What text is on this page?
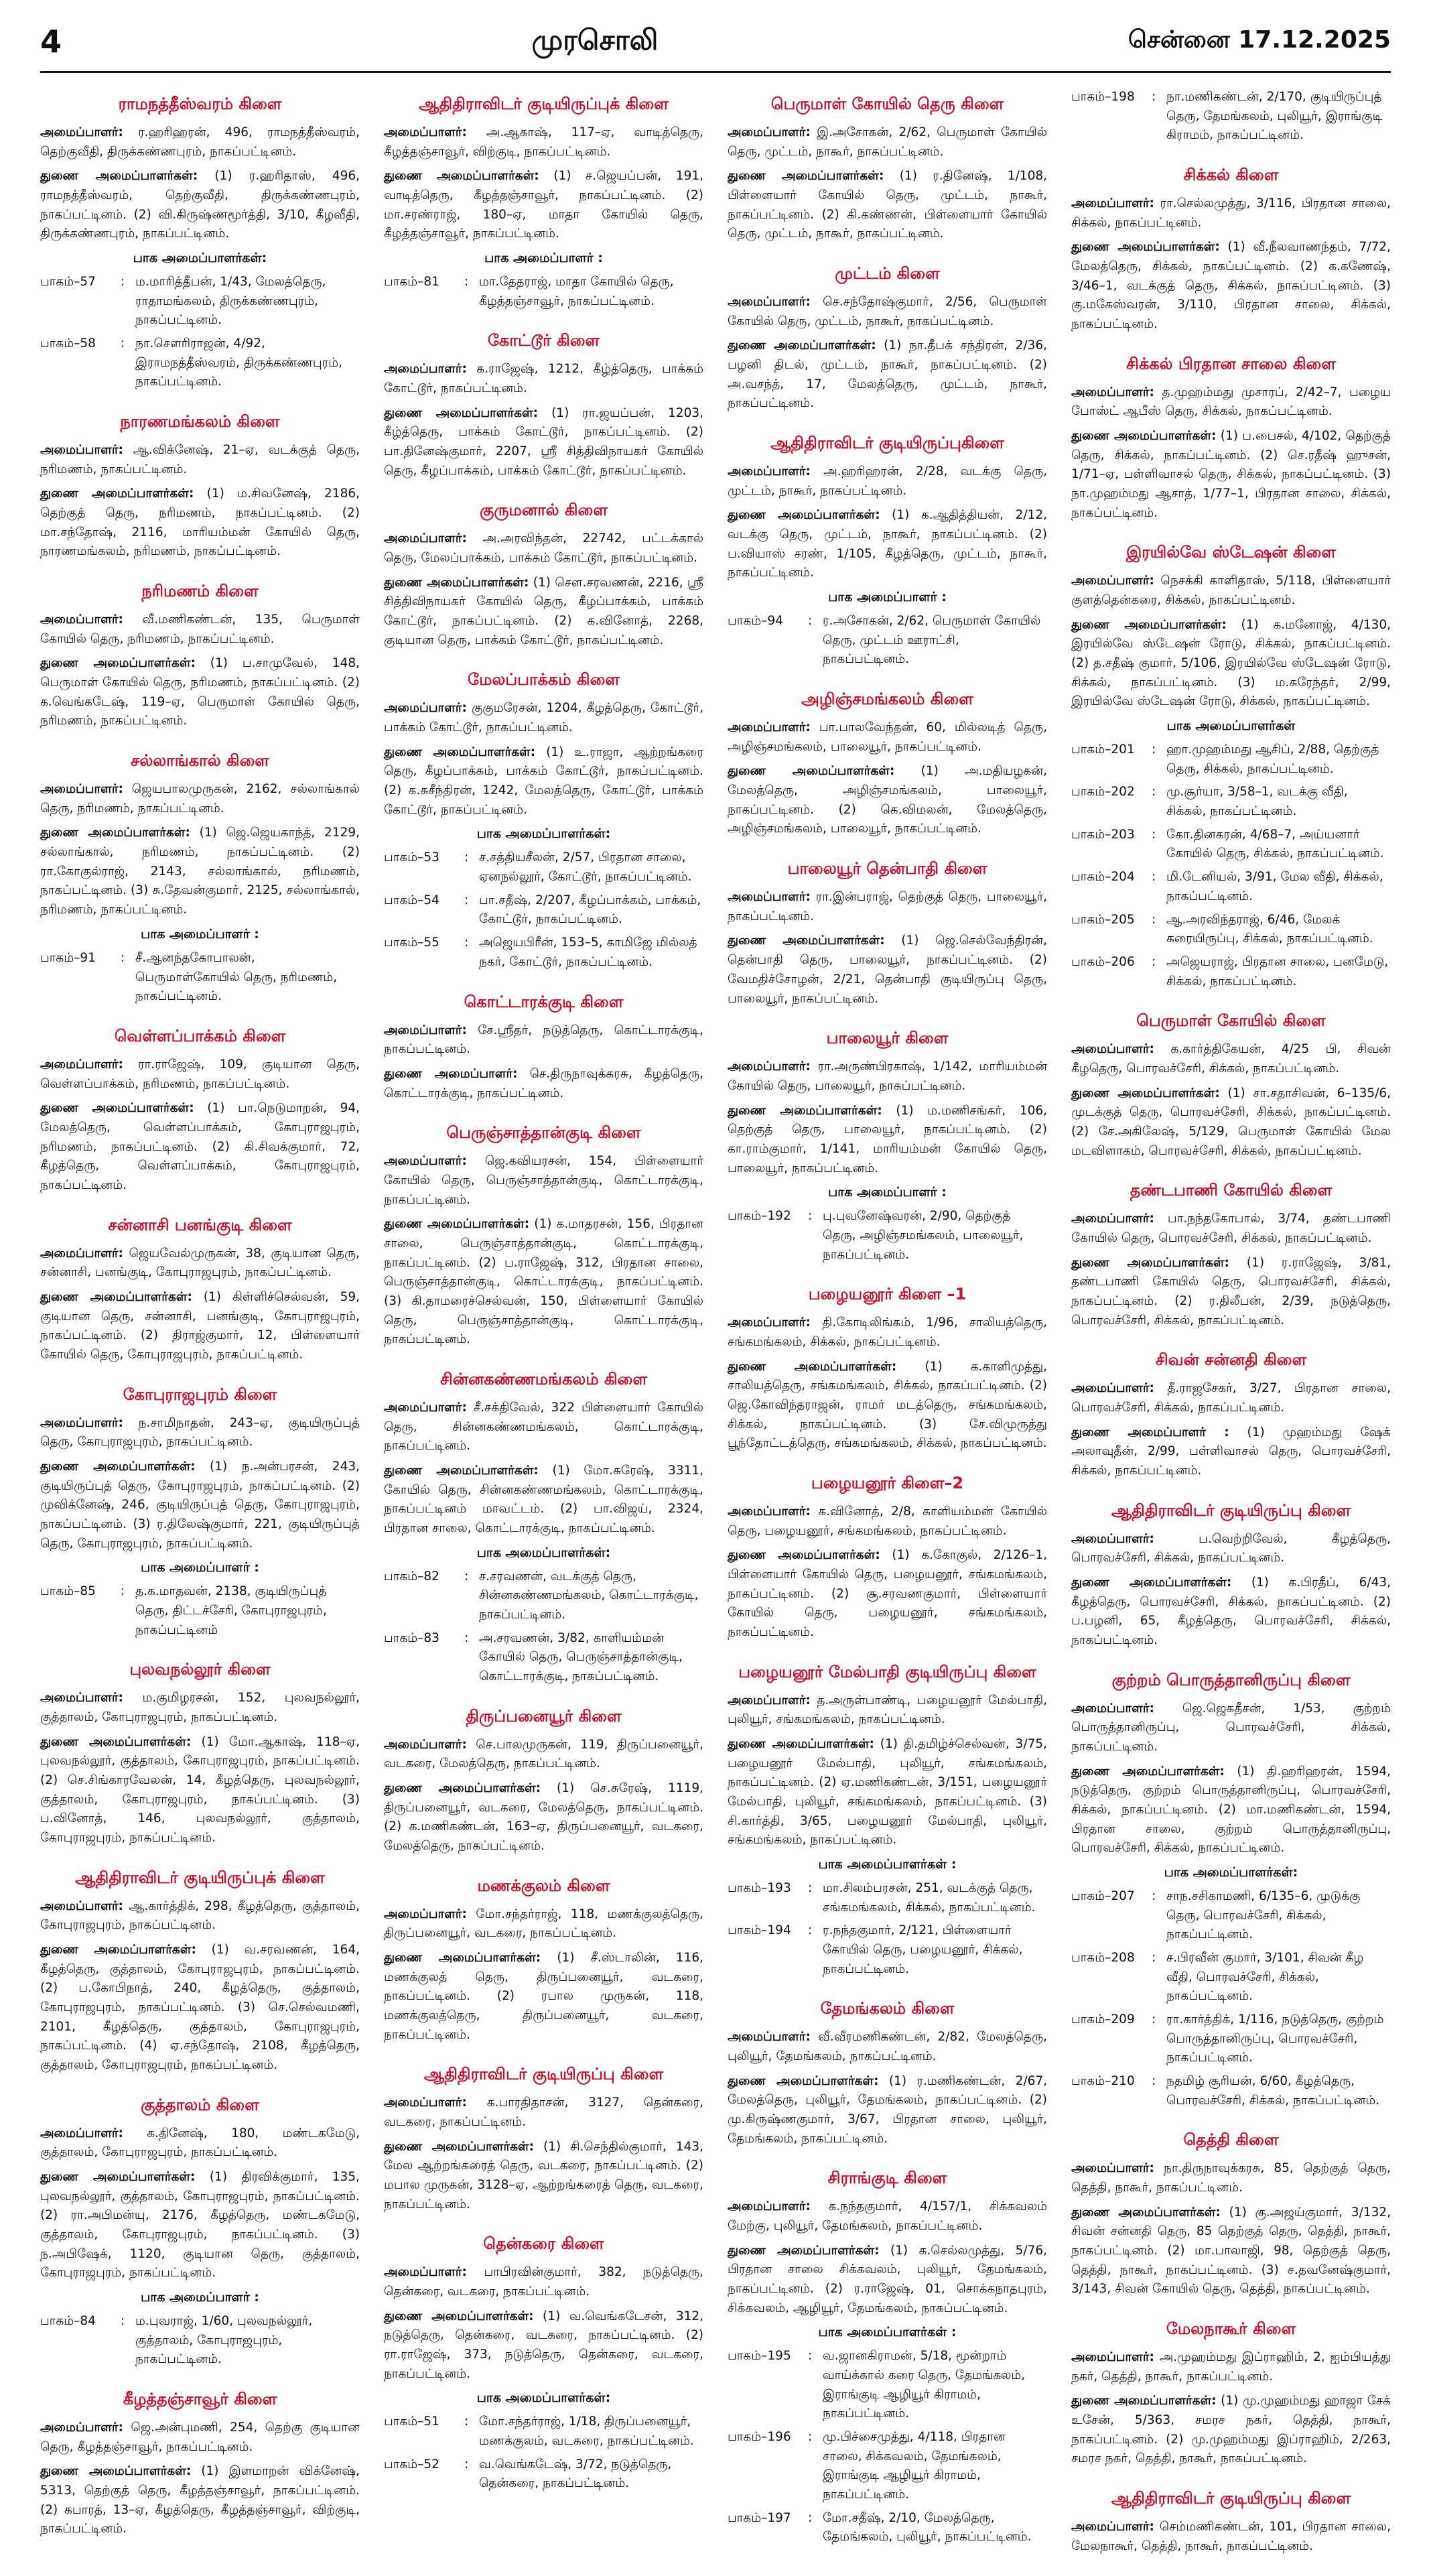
4	முரசொலி	சென்னை 17.12.2025
ராமநத்தீஸ்வரம் கிளை

அமைப்பாளர்: ர.ஹரிஹரன், 496, ராமநத்தீஸ்வரம், தெற்குவீதி, திருக்கண்ணபுரம், நாகப்பட்டினம்.

துணை அமைப்பாளர்கள்: (1) ர.ஹரிதாஸ், 496, ராமநத்தீஸ்வரம், தெற்குவீதி, திருக்கண்ணபுரம், நாகப்பட்டினம். (2) வி.கிருஷ்ணமூர்த்தி, 3/10, கீழவீதி, திருக்கண்ணபுரம், நாகப்பட்டினம்.

பாக அமைப்பாளர்கள்:
பாகம்–57	: ம.மாரித்தீபன், 1/43, மேலத்தெரு, ராதாமங்கலம், திருக்கண்ணபுரம், நாகப்பட்டினம்.
பாகம்–58	: நா.சௌரிராஜன், 4/92, இராமநத்தீஸ்வரம், திருக்கண்ணபுரம், நாகப்பட்டினம்.
நாரணமங்கலம் கிளை

அமைப்பாளர்: ஆ.விக்னேஷ், 21–ஏ, வடக்குத் தெரு, நரிமணம், நாகப்பட்டினம்.

துணை அமைப்பாளர்கள்: (1) ம.சிவனேஷ், 2186, தெற்குத் தெரு, நரிமணம், நாகப்பட்டினம். (2) மா.சந்தோஷ், 2116, மாரியம்மன் கோயில் தெரு, நாரணமங்கலம், நரிமணம், நாகப்பட்டினம்.

நரிமணம் கிளை

அமைப்பாளர்: வீ.மணிகண்டன், 135, பெருமாள் கோயில் தெரு, நரிமணம், நாகப்பட்டினம்.

துணை அமைப்பாளர்கள்: (1) ப.சாமுவேல், 148, பெருமாள் கோயில் தெரு, நரிமணம், நாகப்பட்டினம். (2) க.வெங்கடேஷ், 119–ஏ, பெருமாள் கோயில் தெரு, நரிமணம், நாகப்பட்டினம்.

சல்லாங்கால் கிளை

அமைப்பாளர்: ஜெயபாலமுருகன், 2162, சல்லாங்கால் தெரு, நரிமணம், நாகப்பட்டினம்.

துணை அமைப்பாளர்கள்: (1) ஜெ.ஜெயகாந்த், 2129, சல்லாங்கால், நரிமணம், நாகப்பட்டினம். (2) ரா.கோகுல்ராஜ், 2143, சல்லாங்கால், நரிமணம், நாகப்பட்டினம். (3) சு.தேவன்குமார், 2125, சல்லாங்கால், நரிமணம், நாகப்பட்டினம்.

பாக அமைப்பாளர் :
பாகம்–91	: சீ.ஆனந்தகோபாலன், பெருமாள்கோயில் தெரு, நரிமணம், நாகப்பட்டினம்.
வெள்ளப்பாக்கம் கிளை

அமைப்பாளர்: ரா.ராஜேஷ், 109, குடியான தெரு, வெள்ளப்பாக்கம், நரிமணம், நாகப்பட்டினம்.

துணை அமைப்பாளர்கள்: (1) பா.நெடுமாறன், 94, மேலத்தெரு, வெள்ளப்பாக்கம், கோபுராஜபுரம், நரிமணம், நாகப்பட்டினம். (2) கி.சிவக்குமார், 72, கீழத்தெரு, வெள்ளப்பாக்கம், கோபுராஜபுரம், நாகப்பட்டினம்.

சன்னாசி பனங்குடி கிளை

அமைப்பாளர்: ஜெயவேல்முருகன், 38, குடியான தெரு, சன்னாசி, பனங்குடி, கோபுராஜபுரம், நாகப்பட்டினம்.

துணை அமைப்பாளர்கள்: (1) கிள்ளிச்செல்வன், 59, குடியான தெரு, சன்னாசி, பனங்குடி, கோபுராஜபுரம், நாகப்பட்டினம். (2) திராஜ்குமார், 12, பிள்ளையார் கோயில் தெரு, கோபுராஜபுரம், நாகப்பட்டினம்.

கோபுராஜபுரம் கிளை

அமைப்பாளர்: ந.சாமிநாதன், 243–ஏ, குடியிருப்புத் தெரு, கோபுராஜபுரம், நாகப்பட்டினம்.

துணை அமைப்பாளர்கள்: (1) ந.அன்பரசன், 243, குடியிருப்புத் தெரு, கோபுராஜபுரம், நாகப்பட்டினம். (2) முவிக்னேஷ், 246, குடியிருப்புத் தெரு, கோபுராஜபுரம், நாகப்பட்டினம். (3) ர.திலேஷ்குமார், 221, குடியிருப்புத் தெரு, கோபுராஜபுரம், நாகப்பட்டினம்.

பாக அமைப்பாளர் :
பாகம்–85	: த.க.மாதவன், 2138, குடியிருப்புத் தெரு, திட்டச்சேரி, கோபுராஜபுரம், நாகப்பட்டினம்
புலவநல்லூர் கிளை

அமைப்பாளர்: ம.குமிழரசன், 152, புலவநல்லூர், குத்தாலம், கோபுராஜபுரம், நாகப்பட்டினம்.

துணை அமைப்பாளர்கள்: (1) மோ.ஆகாஷ், 118–ஏ, புலவநல்லூர், குத்தாலம், கோபுராஜபுரம், நாகப்பட்டினம். (2) செ.சிங்காரவேலன், 14, கீழத்தெரு, புலவநல்லூர், குத்தாலம், கோபுராஜபுரம், நாகப்பட்டினம். (3) ப.வினோத், 146, புலவநல்லூர், குத்தாலம், கோபுராஜபுரம், நாகப்பட்டினம்.

ஆதிதிராவிடர் குடியிருப்புக் கிளை

அமைப்பாளர்: ஆ.கார்த்திக், 298, கீழத்தெரு, குத்தாலம், கோபுராஜபுரம், நாகப்பட்டினம்.

துணை அமைப்பாளர்கள்: (1) வ.சரவணன், 164, கீழத்தெரு, குத்தாலம், கோபுராஜபுரம், நாகப்பட்டினம். (2) ப.கோபிநாத், 240, கீழத்தெரு, குத்தாலம், கோபுராஜபுரம், நாகப்பட்டினம். (3) செ.செல்வமணி, 2101, கீழத்தெரு, குத்தாலம், கோபுராஜபுரம், நாகப்பட்டினம். (4) ஏ.சந்தோஷ், 2108, கீழத்தெரு, குத்தாலம், கோபுராஜபுரம், நாகப்பட்டினம்.

குத்தாலம் கிளை

அமைப்பாளர்: க.தினேஷ், 180, மண்டகமேடு, குத்தாலம், கோபுராஜபுரம், நாகப்பட்டினம்.

துணை அமைப்பாளர்கள்: (1) திரவிக்குமார், 135, புலவநல்லூர், குத்தாலம், கோபுராஜபுரம், நாகப்பட்டினம். (2) ரா.அபிமன்யு, 2176, கீழத்தெரு, மண்டகமேடு, குத்தாலம், கோபுராஜபுரம், நாகப்பட்டினம். (3) ந.அபிஷேக், 1120, குடியான தெரு, குத்தாலம், கோபுராஜபுரம், நாகப்பட்டினம்.

பாக அமைப்பாளர் :
பாகம்–84	: ம.புவராஜ், 1/60, புலவநல்லூர், குத்தாலம், கோபுராஜபுரம், நாகப்பட்டினம்.
கீழத்தஞ்சாவூர் கிளை

அமைப்பாளர்: ஜெ.அன்புமணி, 254, தெற்கு குடியான தெரு, கீழத்தஞ்சாவூர், நாகப்பட்டினம்.

துணை அமைப்பாளர்கள்: (1) இளமாறன் விக்னேஷ், 5313, தெற்குத் தெரு, கீழத்தஞ்சாவூர், நாகப்பட்டினம். (2) கபாரத், 13–ஏ, கீழத்தெரு, கீழத்தஞ்சாவூர், விற்குடி, நாகப்பட்டினம்.

ஆதிதிராவிடர் குடியிருப்புக் கிளை

அமைப்பாளர்: அ.ஆகாஷ், 117–ஏ, வாடித்தெரு, கீழத்தஞ்சாவூர், விற்குடி, நாகப்பட்டினம்.

துணை அமைப்பாளர்கள்: (1) ச.ஜெயப்பன், 191, வாடித்தெரு, கீழத்தஞ்சாவூர், நாகப்பட்டினம். (2) மா.சரண்ராஜ், 180–ஏ, மாதா கோயில் தெரு, கீழத்தஞ்சாவூர், நாகப்பட்டினம்.

பாக அமைப்பாளர் :
பாகம்–81	: மா.தேதராஜ், மாதா கோயில் தெரு, கீழத்தஞ்சாவூர், நாகப்பட்டினம்.
கோட்டூர் கிளை

அமைப்பாளர்: க.ராஜேஷ், 1212, கீழ்த்தெரு, பாக்கம் கோட்டூர், நாகப்பட்டினம்.

துணை அமைப்பாளர்கள்: (1) ரா.ஜயப்பன், 1203, கீழ்த்தெரு, பாக்கம் கோட்டூர், நாகப்பட்டினம். (2) பா.தினேஷ்குமார், 2207, ஸ்ரீ சித்திவிநாயகர் கோயில் தெரு, கீழப்பாக்கம், பாக்கம் கோட்டூர், நாகப்பட்டினம்.

குருமனால் கிளை

அமைப்பாளர்: அ.அரவிந்தன், 22742, பட்டக்கால் தெரு, மேலப்பாக்கம், பாக்கம் கோட்டூர், நாகப்பட்டினம்.

துணை அமைப்பாளர்கள்: (1) செள.சரவணன், 2216, ஸ்ரீ சித்திவிநாயகர் கோயில் தெரு, கீழப்பாக்கம், பாக்கம் கோட்டூர், நாகப்பட்டினம். (2) க.வினோத், 2268, குடியான தெரு, பாக்கம் கோட்டூர், நாகப்பட்டினம்.

மேலப்பாக்கம் கிளை

அமைப்பாளர்: குகுமரேசன், 1204, கீழத்தெரு, கோட்டூர், பாக்கம் கோட்டூர், நாகப்பட்டினம்.

துணை அமைப்பாளர்கள்: (1) உ.ராஜா, ஆற்றங்கரை தெரு, கீழப்பாக்கம், பாக்கம் கோட்டூர், நாகப்பட்டினம். (2) க.சுசீந்திரன், 1242, மேலத்தெரு, கோட்டூர், பாக்கம் கோட்டூர், நாகப்பட்டினம்.

பாக அமைப்பாளர்கள்:
பாகம்–53	: ச.சத்தியசீலன், 2/57, பிரதான சாலை, ஏனநல்லூர், கோட்டூர், நாகப்பட்டினம்.
பாகம்–54	: பா.சதீஷ், 2/207, கீழப்பாக்கம், பாக்கம், கோட்டூர், நாகப்பட்டினம்.
பாகம்–55	: அஜெயபிரீன், 153–5, காமிஜே மில்லத் நகர், கோட்டூர், நாகப்பட்டினம்.
கொட்டாரக்குடி கிளை

அமைப்பாளர்: சே.ஸ்ரீதர், நடுத்தெரு, கொட்டாரக்குடி, நாகப்பட்டினம்.

துணை அமைப்பாளர்: செ.திருநாவுக்கரசு, கீழத்தெரு, கொட்டாரக்குடி, நாகப்பட்டினம்.

பெருஞ்சாத்தான்குடி கிளை

அமைப்பாளர்: ஜெ.கவியரசன், 154, பிள்ளையார் கோயில் தெரு, பெருஞ்சாத்தான்குடி, கொட்டாரக்குடி, நாகப்பட்டினம்.

துணை அமைப்பாளர்கள்: (1) க.மாதரசன், 156, பிரதான சாலை, பெருஞ்சாத்தான்குடி, கொட்டாரக்குடி, நாகப்பட்டினம். (2) ப.ராஜேஷ், 312, பிரதான சாலை, பெருஞ்சாத்தான்குடி, கொட்டாரக்குடி, நாகப்பட்டினம். (3) கி.தாமரைச்செல்வன், 150, பிள்ளையார் கோயில் தெரு, பெருஞ்சாத்தான்குடி, கொட்டாரக்குடி, நாகப்பட்டினம்.

சின்னகண்ணமங்கலம் கிளை

அமைப்பாளர்: சீ.சக்திவேல், 322 பிள்ளையார் கோயில் தெரு, சின்னகண்ணமங்கலம், கொட்டாரக்குடி, நாகப்பட்டினம்.

துணை அமைப்பாளர்கள்: (1) மோ.சுரேஷ், 3311, கோயில் தெரு, சின்னகண்ணமங்கலம், கொட்டாரக்குடி, நாகப்பட்டினம் மாவட்டம். (2) பா.விஜய், 2324, பிரதான சாலை, கொட்டாரக்குடி, நாகப்பட்டினம்.

பாக அமைப்பாளர்கள்:
பாகம்–82	: ச.சரவணன், வடக்குத் தெரு, சின்னகண்ணமங்கலம், கொட்டாரக்குடி, நாகப்பட்டினம்.
பாகம்–83	: அ.சரவணன், 3/82, காளியம்மன் கோயில் தெரு, பெருஞ்சாத்தான்குடி, கொட்டாரக்குடி, நாகப்பட்டினம்.
திருப்பனையூர் கிளை

அமைப்பாளர்: செ.பாலமுருகன், 119, திருப்பனையூர், வடகரை, மேலத்தெரு, நாகப்பட்டினம்.

துணை அமைப்பாளர்கள்: (1) செ.சுரேஷ், 1119, திருப்பனையூர், வடகரை, மேலத்தெரு, நாகப்பட்டினம். (2) க.மணிகண்டன், 163–ஏ, திருப்பனையூர், வடகரை, மேலத்தெரு, நாகப்பட்டினம்.

மணக்குலம் கிளை

அமைப்பாளர்: மோ.சந்தர்ராஜ், 118, மணக்குலத்தெரு, திருப்பனையூர், வடகரை, நாகப்பட்டினம்.

துணை அமைப்பாளர்கள்: (1) சீ.ஸ்டாலின், 116, மணக்குலத் தெரு, திருப்பனையூர், வடகரை, நாகப்பட்டினம். (2) ரபால முருகன், 118, மணக்குலத்தெரு, திருப்பனையூர், வடகரை, நாகப்பட்டினம்.

ஆதிதிராவிடர் குடியிருப்பு கிளை

அமைப்பாளர்: க.பாரதிதாசன், 3127, தென்கரை, வடகரை, நாகப்பட்டினம்.

துணை அமைப்பாளர்கள்: (1) சி.செந்தில்குமார், 143, மேல ஆற்றங்கரைத் தெரு, வடகரை, நாகப்பட்டினம். (2) மபால முருகன், 3128–ஏ, ஆற்றங்கரைத் தெரு, வடகரை, நாகப்பட்டினம்.

தென்கரை கிளை

அமைப்பாளர்: பாபிரவின்குமார், 382, நடுத்தெரு, தென்கரை, வடகரை, நாகப்பட்டினம்.

துணை அமைப்பாளர்கள்: (1) வ.வெங்கடேசன், 312, நடுத்தெரு, தென்கரை, வடகரை, நாகப்பட்டினம். (2) ரா.ராஜேஷ், 373, நடுத்தெரு, தென்கரை, வடகரை, நாகப்பட்டினம்.

பாக அமைப்பாளர்கள்:
பாகம்–51	: மோ.சந்தர்ராஜ், 1/18, திருப்பனையூர், மணக்குலம், வடகரை, நாகப்பட்டினம்.
பாகம்–52	: வ.வெங்கடேஷ், 3/72, நடுத்தெரு, தென்கரை, நாகப்பட்டினம்.
பெருமாள் கோயில் தெரு கிளை

அமைப்பாளர்: இ.அசோகன், 2/62, பெருமாள் கோயில் தெரு, முட்டம், நாகூர், நாகப்பட்டினம்.

துணை அமைப்பாளர்கள்: (1) ர.தினேஷ், 1/108, பிள்ளையார் கோயில் தெரு, முட்டம், நாகூர், நாகப்பட்டினம். (2) கி.கண்ணன், பிள்ளையார் கோயில் தெரு, முட்டம், நாகூர், நாகப்பட்டினம்.

முட்டம் கிளை

அமைப்பாளர்: செ.சந்தோஷ்குமார், 2/56, பெருமாள் கோயில் தெரு, முட்டம், நாகூர், நாகப்பட்டினம்.

துணை அமைப்பாளர்கள்: (1) நா.தீபக் சந்திரன், 2/36, பழனி திடல், முட்டம், நாகூர், நாகப்பட்டினம். (2) அ.வசந்த், 17, மேலத்தெரு, முட்டம், நாகூர், நாகப்பட்டினம்.

ஆதிதிராவிடர் குடியிருப்புகிளை

அமைப்பாளர்: அ.ஹரிஹரன், 2/28, வடக்கு தெரு, முட்டம், நாகூர், நாகப்பட்டினம்.

துணை அமைப்பாளர்கள்: (1) க.ஆதித்தியன், 2/12, வடக்கு தெரு, முட்டம், நாகூர், நாகப்பட்டினம். (2) ப.வியாஸ் சரண், 1/105, கீழத்தெரு, முட்டம், நாகூர், நாகப்பட்டினம்.

பாக அமைப்பாளர் :
பாகம்–94	: ர.அசோகன், 2/62, பெருமாள் கோயில் தெரு, முட்டம் ஊராட்சி, நாகப்பட்டினம்.
அழிஞ்சமங்கலம் கிளை

அமைப்பாளர்: பா.பாலவேந்தன், 60, மில்லடித் தெரு, அழிஞ்சமங்கலம், பாலையூர், நாகப்பட்டினம்.

துணை அமைப்பாளர்கள்: (1) அ.மதியழகன், மேலத்தெரு, அழிஞ்சமங்கலம், பாலையூர், நாகப்பட்டினம். (2) கெ.விமலன், மேலத்தெரு, அழிஞ்சமங்கலம், பாலையூர், நாகப்பட்டினம்.

பாலையூர் தென்பாதி கிளை

அமைப்பாளர்: ரா.இன்பராஜ், தெற்குத் தெரு, பாலையூர், நாகப்பட்டினம்.

துணை அமைப்பாளர்கள்: (1) ஜெ.செல்வேந்திரன், தென்பாதி தெரு, பாலையூர், நாகப்பட்டினம். (2) வேமதிச்சோழன், 2/21, தென்பாதி குடியிருப்பு தெரு, பாலையூர், நாகப்பட்டினம்.

பாலையூர் கிளை

அமைப்பாளர்: ரா.அருண்பிரகாஷ், 1/142, மாரியம்மன் கோயில் தெரு, பாலையூர், நாகப்பட்டினம்.

துணை அமைப்பாளர்கள்: (1) ம.மணிசங்கர், 106, தெற்குத் தெரு, பாலையூர், நாகப்பட்டினம். (2) கா.ராம்குமார், 1/141, மாரியம்மன் கோயில் தெரு, பாலையூர், நாகப்பட்டினம்.

பாக அமைப்பாளர் :
பாகம்–192	: பு.புவனேஷ்வரன், 2/90, தெற்குத் தெரு, அழிஞ்சமங்கலம், பாலையூர், நாகப்பட்டினம்.
பழையனூர் கிளை –1

அமைப்பாளர்: தி.கோடிலிங்கம், 1/96, சாலியத்தெரு, சங்கமங்கலம், சிக்கல், நாகப்பட்டினம்.

துணை அமைப்பாளர்கள்: (1) க.காளிமுத்து, சாலியத்தெரு, சங்கமங்கலம், சிக்கல், நாகப்பட்டினம். (2) ஜெ.கோவிந்தராஜன், ராமர் மடத்தெரு, சங்கமங்கலம், சிக்கல், நாகப்பட்டினம். (3) சே.விமுருத்து பூந்தோட்டத்தெரு, சங்கமங்கலம், சிக்கல், நாகப்பட்டினம்.

பழையனூர் கிளை–2

அமைப்பாளர்: க.வினோத், 2/8, காளியம்மன் கோயில் தெரு, பழையனூர், சங்கமங்கலம், நாகப்பட்டினம்.

துணை அமைப்பாளர்கள்: (1) க.கோகுல், 2/126–1, பிள்ளையார் கோயில் தெரு, பழையனூர், சங்கமங்கலம், நாகப்பட்டினம். (2) சூ.சரவணகுமார், பிள்ளையார் கோயில் தெரு, பழையனூர், சங்கமங்கலம், நாகப்பட்டினம்.

பழையனூர் மேல்பாதி குடியிருப்பு கிளை

அமைப்பாளர்: த.அருள்பாண்டி, பழையனூர் மேல்பாதி, புலியூர், சங்கமங்கலம், நாகப்பட்டினம்.

துணை அமைப்பாளர்கள்: (1) தி.தமிழ்ச்செல்வன், 3/75, பழையனூர் மேல்பாதி, புலியூர், சங்கமங்கலம், நாகப்பட்டினம். (2) ஏ.மணிகண்டன், 3/151, பழையனூர் மேல்பாதி, புலியூர், சங்கமங்கலம், நாகப்பட்டினம். (3) சி.கார்த்தி, 3/65, பழையனூர் மேல்பாதி, புலியூர், சங்கமங்கலம், நாகப்பட்டினம்.

பாக அமைப்பாளர்கள் :
பாகம்–193	: மா.சிலம்பரசன், 251, வடக்குத் தெரு, சங்கமங்கலம், சிக்கல், நாகப்பட்டினம்.
பாகம்–194	: ர.நந்தகுமார், 2/121, பிள்ளையார் கோயில் தெரு, பழையனூர், சிக்கல், நாகப்பட்டினம்.
தேமங்கலம் கிளை

அமைப்பாளர்: வீ.வீரமணிகண்டன், 2/82, மேலத்தெரு, புலியூர், தேமங்கலம், நாகப்பட்டினம்.

துணை அமைப்பாளர்கள்: (1) ர.மணிகண்டன், 2/67, மேலத்தெரு, புலியூர், தேமங்கலம், நாகப்பட்டினம். (2) மு.கிருஷ்ணகுமார், 3/67, பிரதான சாலை, புலியூர், தேமங்கலம், நாகப்பட்டினம்.

சிராங்குடி கிளை

அமைப்பாளர்: க.நந்தகுமார், 4/157/1, சிக்கவலம் மேற்கு, புலியூர், தேமங்கலம், நாகப்பட்டினம்.

துணை அமைப்பாளர்கள்: (1) க.செல்லமுத்து, 5/76, பிரதான சாலை சிக்கவலம், புலியூர், தேமங்கலம், நாகப்பட்டினம். (2) ர.ராஜேஷ், 01, சொக்கநாதபுரம், சிக்கவலம், ஆழியூர், தேமங்கலம், நாகப்பட்டினம்.

பாக அமைப்பாளர்கள் :
பாகம்–195	: வ.ஜானகிராமன், 5/18, மூன்றாம் வாய்க்கால் கரை தெரு, தேமங்கலம், இராங்குடி ஆழியூர் கிராமம், நாகப்பட்டினம்.
பாகம்–196	: மு.பிச்சைமுத்து, 4/118, பிரதான சாலை, சிக்கவலம், தேமங்கலம், இராங்குடி ஆழியூர் கிராமம், நாகப்பட்டினம்.
பாகம்–197	: மோ.சதீஷ், 2/10, மேலத்தெரு, தேமங்கலம், புலியூர், நாகப்பட்டினம்.
பாகம்–198	: நா.மணிகண்டன், 2/170, குடியிருப்புத் தெரு, தேமங்கலம், புலியூர், இராங்குடி கிராமம், நாகப்பட்டினம்.
சிக்கல் கிளை

அமைப்பாளர்: ரா.செல்லமுத்து, 3/116, பிரதான சாலை, சிக்கல், நாகப்பட்டினம்.

துணை அமைப்பாளர்கள்: (1) வீ.நீலவாணந்தம், 7/72, மேலத்தெரு, சிக்கல், நாகப்பட்டினம். (2) க.கணேஷ், 3/46–1, வடக்குத் தெரு, சிக்கல், நாகப்பட்டினம். (3) கு.மகேஸ்வரன், 3/110, பிரதான சாலை, சிக்கல், நாகப்பட்டினம்.

சிக்கல் பிரதான சாலை கிளை

அமைப்பாளர்: த.முஹம்மது முசாரப், 2/42–7, பழைய போஸ்ட் ஆபீஸ் தெரு, சிக்கல், நாகப்பட்டினம்.

துணை அமைப்பாளர்கள்: (1) ப.பைசல், 4/102, தெற்குத் தெரு, சிக்கல், நாகப்பட்டினம். (2) செ.ரதீஷ் ஹுசன், 1/71–ஏ, பள்ளிவாசல் தெரு, சிக்கல், நாகப்பட்டினம். (3) நா.முஹம்மது ஆசாத், 1/77–1, பிரதான சாலை, சிக்கல், நாகப்பட்டினம்.

இரயில்வே ஸ்டேஷன் கிளை

அமைப்பாளர்: நெசக்கி காளிதாஸ், 5/118, பிள்ளையார் குளத்தென்கரை, சிக்கல், நாகப்பட்டினம்.

துணை அமைப்பாளர்கள்: (1) க.மனோஜ், 4/130, இரயில்வே ஸ்டேஷன் ரோடு, சிக்கல், நாகப்பட்டினம். (2) த.சதீஷ் குமார், 5/106, இரயில்வே ஸ்டேஷன் ரோடு, சிக்கல், நாகப்பட்டினம். (3) ம.சுரேந்தர், 2/99, இரயில்வே ஸ்டேஷன் ரோடு, சிக்கல், நாகப்பட்டினம்.

பாக அமைப்பாளர்கள்
பாகம்–201	: ஹா.முஹம்மது ஆசிப், 2/88, தெற்குத் தெரு, சிக்கல், நாகப்பட்டினம்.
பாகம்–202	: மு.சூர்யா, 3/58–1, வடக்கு வீதி, சிக்கல், நாகப்பட்டினம்.
பாகம்–203	: கோ.தினகரன், 4/68–7, அய்யனார் கோயில் தெரு, சிக்கல், நாகப்பட்டினம்.
பாகம்–204	: மி.டேனியல், 3/91, மேல வீதி, சிக்கல், நாகப்பட்டினம்.
பாகம்–205	: ஆ.அரவிந்தராஜ், 6/46, மேலக் கரையிருப்பு, சிக்கல், நாகப்பட்டினம்.
பாகம்–206	: அஜெயராஜ், பிரதான சாலை, பனமேடு, சிக்கல், நாகப்பட்டினம்.
பெருமாள் கோயில் கிளை

அமைப்பாளர்: க.கார்த்திகேயன், 4/25 பி, சிவன் கீழதெரு, பொரவச்சேரி, சிக்கல், நாகப்பட்டினம்.

துணை அமைப்பாளர்கள்: (1) சா.சதாசிவன், 6–135/6, முடக்குத் தெரு, பொரவச்சேரி, சிக்கல், நாகப்பட்டினம். (2) சே.அகிலேஷ், 5/129, பெருமாள் கோயில் மேல மடவிளாகம், பொரவச்சேரி, சிக்கல், நாகப்பட்டினம்.

தண்டபாணி கோயில் கிளை

அமைப்பாளர்: பா.நந்தகோபால், 3/74, தண்டபாணி கோயில் தெரு, பொரவச்சேரி, சிக்கல், நாகப்பட்டினம்.

துணை அமைப்பாளர்கள்: (1) ர.ராஜேஷ், 3/81, தண்டபாணி கோயில் தெரு, பொரவச்சேரி, சிக்கல், நாகப்பட்டினம். (2) ர.திலீபன், 2/39, நடுத்தெரு, பொரவச்சேரி, சிக்கல், நாகப்பட்டினம்.

சிவன் சன்னதி கிளை

அமைப்பாளர்: தீ.ராஜசேகர், 3/27, பிரதான சாலை, பொரவச்சேரி, சிக்கல், நாகப்பட்டினம்.

துணை அமைப்பாளர் : (1) முஹம்மது ஷேக் அலாவுதீன், 2/99, பள்ளிவாசல் தெரு, பொரவச்சேரி, சிக்கல், நாகப்பட்டினம்.

ஆதிதிராவிடர் குடியிருப்பு கிளை

அமைப்பாளர்:	ப.வெற்றிவேல், கீழத்தெரு, பொரவச்சேரி, சிக்கல், நாகப்பட்டினம்.

துணை அமைப்பாளர்கள்: (1) க.பிரதீப், 6/43, கீழத்தெரு, பொரவச்சேரி, சிக்கல், நாகப்பட்டினம். (2) ப.பழனி, 65, கீழத்தெரு, பொரவச்சேரி, சிக்கல், நாகப்பட்டினம்.

குற்றம் பொருத்தானிருப்பு கிளை

அமைப்பாளர்: ஜெ.ஜெகதீசன், 1/53, குற்றம் பொருத்தானிருப்பு, பொரவச்சேரி, சிக்கல், நாகப்பட்டினம்.

துணை அமைப்பாளர்கள்: (1) தி.ஹரிஹரன், 1594, நடுத்தெரு, குற்றம் பொருத்தானிருப்பு, பொரவச்சேரி, சிக்கல், நாகப்பட்டினம். (2) மா.மணிகண்டன், 1594, பிரதான சாலை, குற்றம் பொருத்தானிருப்பு, பொரவச்சேரி, சிக்கல், நாகப்பட்டினம்.

பாக அமைப்பாளர்கள்:
பாகம்–207	: சாந.சசிகாமணி, 6/135–6, முடுக்கு தெரு, பொரவச்சேரி, சிக்கல், நாகப்பட்டினம்.
பாகம்–208	: ச.பிரவீன் குமார், 3/101, சிவன் கீழ வீதி, பொரவச்சேரி, சிக்கல், நாகப்பட்டினம்.
பாகம்–209	: ரா.கார்த்திக், 1/116, நடுத்தெரு, குற்றம் பொருத்தானிருப்பு, பொரவச்சேரி, நாகப்பட்டினம்.
பாகம்–210	: நதமிழ் சூரியன், 6/60, கீழத்தெரு, பொரவச்சேரி, சிக்கல், நாகப்பட்டினம்.
தெத்தி கிளை

அமைப்பாளர்: நா.திருநாவுக்கரசு, 85, தெற்குத் தெரு, தெத்தி, நாகூர், நாகப்பட்டினம்.

துணை அமைப்பாளர்கள்: (1) கு.அஜய்குமார், 3/132, சிவன் சன்னதி தெரு, 85 தெற்குத் தெரு, தெத்தி, நாகூர், நாகப்பட்டினம். (2) மா.பாலாஜி, 98, தெற்குத் தெரு, தெத்தி, நாகூர், நாகப்பட்டினம். (3) ச.தவனேஷ்குமார், 3/143, சிவன் கோயில் தெரு, தெத்தி, நாகப்பட்டினம்.

மேலநாகூர் கிளை

அமைப்பாளர்: அ.முஹம்மது இப்ராஹிம், 2, ஐம்பியத்து நகர், தெத்தி, நாகூர், நாகப்பட்டினம்.

துணை அமைப்பாளர்கள்: (1) மு.முஹம்மது ஹாஜா சேக் உசேன், 5/363, சமரச நகர், தெத்தி, நாகூர், நாகப்பட்டினம். (2) மு.முஹம்மது இப்ராஹிம், 2/263, சமரச நகர், தெத்தி, நாகூர், நாகப்பட்டினம்.

ஆதிதிராவிடர் குடியிருப்பு கிளை

அமைப்பாளர்: செம்மணிகண்டன், 101, பிரதான சாலை, மேலநாகூர், தெத்தி, நாகூர், நாகப்பட்டினம்.
